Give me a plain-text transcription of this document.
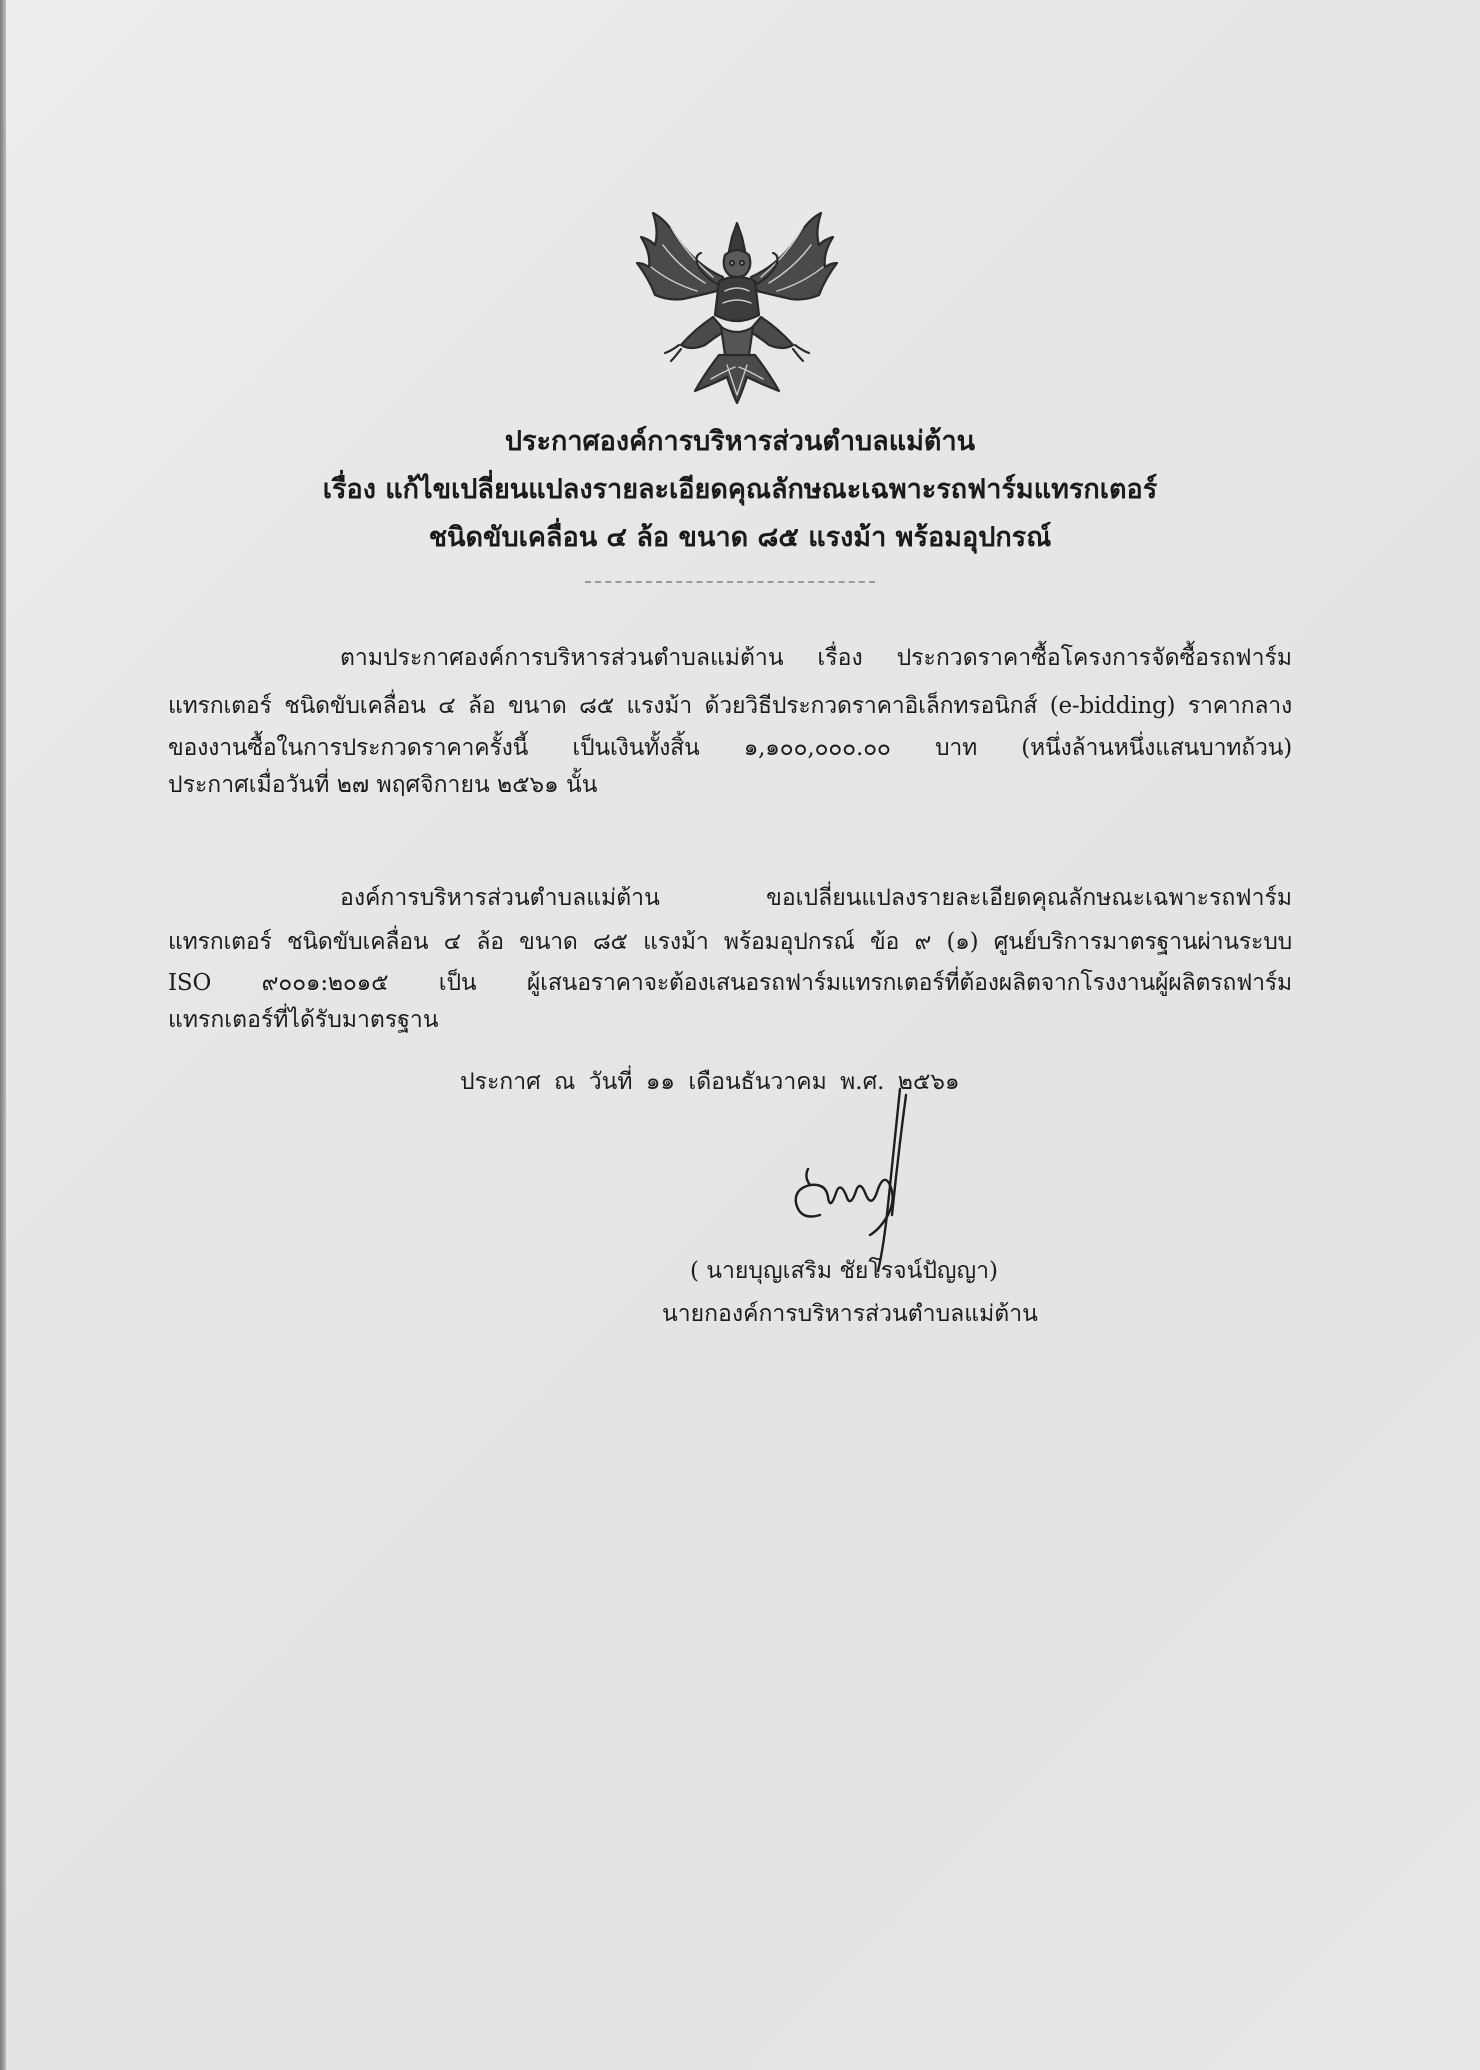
ประกาศองค์การบริหารส่วนตำบลแม่ต้าน
เรื่อง แก้ไขเปลี่ยนแปลงรายละเอียดคุณลักษณะเฉพาะรถฟาร์มแทรกเตอร์
ชนิดขับเคลื่อน ๔ ล้อ ขนาด ๘๕ แรงม้า พร้อมอุปกรณ์
ตามประกาศองค์การบริหารส่วนตำบลแม่ต้าน เรื่อง ประกวดราคาซื้อโครงการจัดซื้อรถฟาร์ม
แทรกเตอร์ ชนิดขับเคลื่อน ๔ ล้อ ขนาด ๘๕ แรงม้า ด้วยวิธีประกวดราคาอิเล็กทรอนิกส์ (e-bidding) ราคากลาง
ของงานซื้อในการประกวดราคาครั้งนี้ เป็นเงินทั้งสิ้น ๑,๑๐๐,๐๐๐.๐๐ บาท (หนึ่งล้านหนึ่งแสนบาทถ้วน)
ประกาศเมื่อวันที่ ๒๗ พฤศจิกายน ๒๕๖๑ นั้น
องค์การบริหารส่วนตำบลแม่ต้าน ขอเปลี่ยนแปลงรายละเอียดคุณลักษณะเฉพาะรถฟาร์ม
แทรกเตอร์ ชนิดขับเคลื่อน ๔ ล้อ ขนาด ๘๕ แรงม้า พร้อมอุปกรณ์ ข้อ ๙ (๑) ศูนย์บริการมาตรฐานผ่านระบบ
ISO ๙๐๐๑:๒๐๑๕ เป็น ผู้เสนอราคาจะต้องเสนอรถฟาร์มแทรกเตอร์ที่ต้องผลิตจากโรงงานผู้ผลิตรถฟาร์ม
แทรกเตอร์ที่ได้รับมาตรฐาน
ประกาศ ณ วันที่ ๑๑ เดือนธันวาคม พ.ศ. ๒๕๖๑
( นายบุญเสริม ชัยโรจน์ปัญญา)
นายกองค์การบริหารส่วนตำบลแม่ต้าน
